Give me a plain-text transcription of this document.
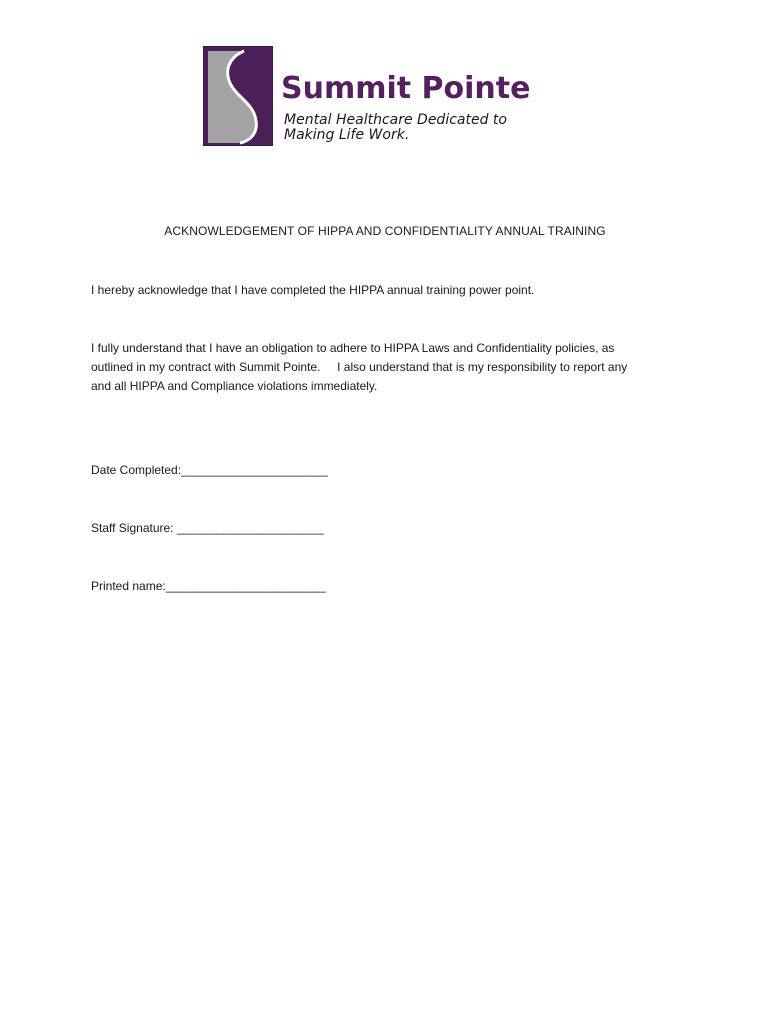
Summit Pointe
Mental Healthcare Dedicated to
Making Life Work.
ACKNOWLEDGEMENT OF HIPPA AND CONFIDENTIALITY ANNUAL TRAINING
I hereby acknowledge that I have completed the HIPPA annual training power point.
I fully understand that I have an obligation to adhere to HIPPA Laws and Confidentiality policies, as
outlined in my contract with Summit Pointe.     I also understand that is my responsibility to report any
and all HIPPA and Compliance violations immediately.
Date Completed:______________________
Staff Signature: ______________________
Printed name:________________________
